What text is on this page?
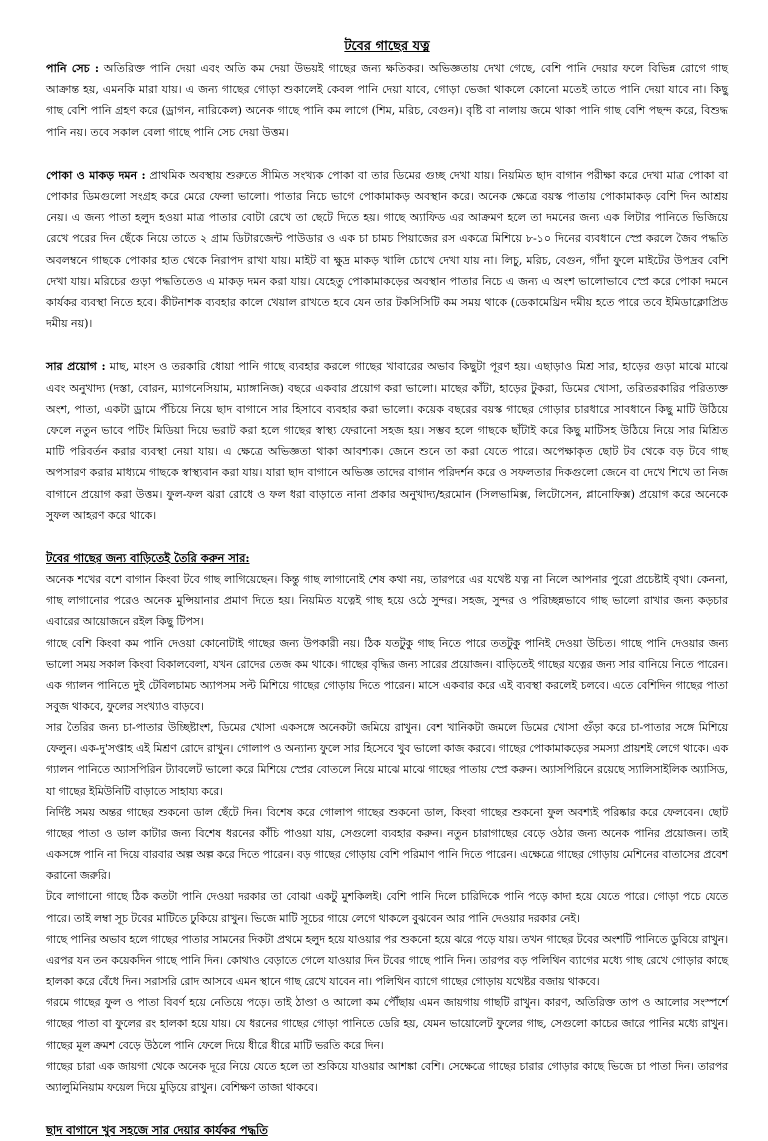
টবের গাছের যত্ন

পানি সেচ : অতিরিক্ত পানি দেয়া এবং অতি কম দেয়া উভয়ই গাছের জন্য ক্ষতিকর। অভিজ্ঞতায় দেখা গেছে, বেশি পানি দেয়ার ফলে বিভিন্ন রোগে গাছ আক্রান্ত হয়, এমনকি মারা যায়। এ জন্য গাছের গোড়া শুকালেই কেবল পানি দেয়া যাবে, গোড়া ভেজা থাকলে কোনো মতেই তাতে পানি দেয়া যাবে না। কিছু গাছ বেশি পানি গ্রহণ করে (ড্রাগন, নারিকেল) অনেক গাছে পানি কম লাগে (শিম, মরিচ, বেগুন)। বৃষ্টি বা নালায় জমে থাকা পানি গাছ বেশি পছন্দ করে, বিশুদ্ধ পানি নয়। তবে সকাল বেলা গাছে পানি সেচ দেয়া উত্তম।

পোকা ও মাকড় দমন : প্রাথমিক অবস্থায় শুরুতে সীমিত সংখ্যক পোকা বা তার ডিমের গুচ্ছ দেখা যায়। নিয়মিত ছাদ বাগান পরীক্ষা করে দেখা মাত্র পোকা বা পোকার ডিমগুলো সংগ্রহ করে মেরে ফেলা ভালো। পাতার নিচে ভাগে পোকামাকড় অবস্থান করে। অনেক ক্ষেত্রে বয়স্ক পাতায় পোকামাকড় বেশি দিন আশ্রয় নেয়। এ জন্য পাতা হলুদ হওয়া মাত্র পাতার বোটা রেখে তা ছেটে দিতে হয়। গাছে অ্যাফিড এর আক্রমণ হলে তা দমনের জন্য এক লিটার পানিতে ভিজিয়ে রেখে পরের দিন ছেঁকে নিয়ে তাতে ২ গ্রাম ডিটারজেন্ট পাউডার ও এক চা চামচ পিয়াজের রস একত্রে মিশিয়ে ৮-১০ দিনের ব্যবধানে স্প্রে করলে জৈব পদ্ধতি অবলম্বনে গাছকে পোকার হাত থেকে নিরাপদ রাখা যায়। মাইট বা ক্ষুদ্র মাকড় খালি চোখে দেখা যায় না। লিচু, মরিচ, বেগুন, গাঁদা ফুলে মাইটের উপদ্রব বেশি দেখা যায়। মরিচের গুড়া পদ্ধতিতেও এ মাকড় দমন করা যায়। যেহেতু পোকামাকড়ের অবস্থান পাতার নিচে এ জন্য এ অংশ ভালোভাবে স্প্রে করে পোকা দমনে কার্যকর ব্যবস্থা নিতে হবে। কীটনাশক ব্যবহার কালে খেয়াল রাখতে হবে যেন তার টকসিসিটি কম সময় থাকে (ডেকামেথ্রিন দমীয় হতে পারে তবে ইমিডাক্লোপ্রিড দমীয় নয়)।

সার প্রয়োগ : মাছ, মাংস ও তরকারি ধোয়া পানি গাছে ব্যবহার করলে গাছের খাবারের অভাব কিছুটা পূরণ হয়। এছাড়াও মিশ্র সার, হাড়ের গুড়া মাঝে মাঝে এবং অনুখাদ্য (দস্তা, বোরন, ম্যাগনেসিয়াম, ম্যাঙ্গানিজ) বছরে একবার প্রয়োগ করা ভালো। মাছের কাঁটা, হাড়ের টুকরা, ডিমের খোসা, তরিতরকারির পরিত্যক্ত অংশ, পাতা, একটা ড্রামে পঁচিয়ে নিয়ে ছাদ বাগানে সার হিসাবে ব্যবহার করা ভালো। কয়েক বছরের বয়স্ক গাছের গোড়ার চারধারে সাবধানে কিছু মাটি উঠিয়ে ফেলে নতুন ভাবে পটিং মিডিয়া দিয়ে ভরাট করা হলে গাছের স্বাস্থ্য ফেরানো সহজ হয়। সম্ভব হলে গাছকে ছাঁটাই করে কিছু মাটিসহ উঠিয়ে নিয়ে সার মিশ্রিত মাটি পরিবর্তন করার ব্যবস্থা নেয়া যায়। এ ক্ষেত্রে অভিজ্ঞতা থাকা আবশ্যক। জেনে শুনে তা করা যেতে পারে। অপেক্ষাকৃত ছোট টব থেকে বড় টবে গাছ অপসারণ করার মাধ্যমে গাছকে স্বাস্থ্যবান করা যায়। যারা ছাদ বাগানে অভিজ্ঞ তাদের বাগান পরিদর্শন করে ও সফলতার দিকগুলো জেনে বা দেখে শিখে তা নিজ বাগানে প্রয়োগ করা উত্তম। ফুল-ফল ঝরা রোধে ও ফল ধরা বাড়াতে নানা প্রকার অনুখাদ্য/হরমোন (সিলভামিক্স, লিটোসেন, প্লানোফিক্স) প্রয়োগ করে অনেকে সুফল আহরণ করে থাকে।

টবের গাছের জন্য বাড়িতেই তৈরি করুন সার:

অনেক শখের বশে বাগান কিংবা টবে গাছ লাগিয়েছেন। কিন্তু গাছ লাগানোই শেষ কথা নয়, তারপরে এর যথেষ্ট যত্ন না নিলে আপনার পুরো প্রচেষ্টাই বৃথা। কেননা, গাছ লাগানোর পরেও অনেক মুন্সিয়ানার প্রমাণ দিতে হয়। নিয়মিত যত্নেই গাছ হয়ে ওঠে সুন্দর। সহজ, সুন্দর ও পরিচ্ছন্নভাবে গাছ ভালো রাখার জন্য কড়চার এবারের আয়োজনে রইল কিছু টিপস।

গাছে বেশি কিংবা কম পানি দেওয়া কোনোটাই গাছের জন্য উপকারী নয়। ঠিক যতটুকু গাছ নিতে পারে ততটুকু পানিই দেওয়া উচিত। গাছে পানি দেওয়ার জন্য ভালো সময় সকাল কিংবা বিকালবেলা, যখন রোদের তেজ কম থাকে। গাছের বৃদ্ধির জন্য সারের প্রয়োজন। বাড়িতেই গাছের যত্নের জন্য সার বানিয়ে নিতে পারেন। এক গ্যালন পানিতে দুই টেবিলচামচ অ্যাপসম সল্ট মিশিয়ে গাছের গোড়ায় দিতে পারেন। মাসে একবার করে এই ব্যবস্থা করলেই চলবে। এতে বেশিদিন গাছের পাতা সবুজ থাকবে, ফুলের সংখ্যাও বাড়বে।

সার তৈরির জন্য চা-পাতার উচ্ছিষ্টাংশ, ডিমের খোসা একসঙ্গে অনেকটা জমিয়ে রাখুন। বেশ খানিকটা জমলে ডিমের খোসা গুঁড়া করে চা-পাতার সঙ্গে মিশিয়ে ফেলুন। এক-দু'সপ্তাহ এই মিশ্রণ রোদে রাখুন। গোলাপ ও অন্যান্য ফুলে সার হিসেবে খুব ভালো কাজ করবে। গাছের পোকামাকড়ের সমস্যা প্রায়শই লেগে থাকে। এক গ্যালন পানিতে অ্যাসপিরিন ট্যাবলেট ভালো করে মিশিয়ে স্প্রের বোতলে নিয়ে মাঝে মাঝে গাছের পাতায় স্প্রে করুন। অ্যাসপিরিনে রয়েছে স্যালিসাইলিক অ্যাসিড, যা গাছের ইমিউনিটি বাড়াতে সাহায্য করে।

নির্দিষ্ট সময় অন্তর গাছের শুকনো ডাল ছেঁটে দিন। বিশেষ করে গোলাপ গাছের শুকনো ডাল, কিংবা গাছের শুকনো ফুল অবশ্যই পরিষ্কার করে ফেলবেন। ছোট গাছের পাতা ও ডাল কাটার জন্য বিশেষ ধরনের কাঁচি পাওয়া যায়, সেগুলো ব্যবহার করুন। নতুন চারাগাছের বেড়ে ওঠার জন্য অনেক পানির প্রয়োজন। তাই একসঙ্গে পানি না দিয়ে বারবার অল্প অল্প করে দিতে পারেন। বড় গাছের গোড়ায় বেশি পরিমাণ পানি দিতে পারেন। এক্ষেত্রে গাছের গোড়ায় মেশিনের বাতাসের প্রবেশ করানো জরুরি।

টবে লাগানো গাছে ঠিক কতটা পানি দেওয়া দরকার তা বোঝা একটু মুশকিলই। বেশি পানি দিলে চারিদিকে পানি পড়ে কাদা হয়ে যেতে পারে। গোড়া পচে যেতে পারে। তাই লম্বা সূচ টবের মাটিতে ঢুকিয়ে রাখুন। ভিজে মাটি সূচের গায়ে লেগে থাকলে বুঝবেন আর পানি দেওয়ার দরকার নেই।

গাছে পানির অভাব হলে গাছের পাতার সামনের দিকটা প্রথমে হলুদ হয়ে যাওয়ার পর শুকনো হয়ে ঝরে পড়ে যায়। তখন গাছের টবের অংশটি পানিতে ডুবিয়ে রাখুন। এরপর যন তন কয়েকদিন গাছে পানি দিন। কোথাও বেড়াতে গেলে যাওয়ার দিন টবের গাছে পানি দিন। তারপর বড় পলিথিন ব্যাগের মধ্যে গাছ রেখে গোড়ার কাছে হালকা করে বেঁধে দিন। সরাসরি রোদ আসবে এমন স্থানে গাছ রেখে যাবেন না। পলিথিন ব্যাগে গাছের গোড়ায় যথেষ্টর বজায় থাকবে।

গরমে গাছের ফুল ও পাতা বিবর্ণ হয়ে নেতিয়ে পড়ে। তাই ঠাণ্ডা ও আলো কম পৌঁছায় এমন জায়গায় গাছটি রাখুন। কারণ, অতিরিক্ত তাপ ও আলোর সংস্পর্শে গাছের পাতা বা ফুলের রং হালকা হয়ে যায়। যে ধরনের গাছের গোড়া পানিতে ডেরি হয়, যেমন ভায়োলেট ফুলের গাছ, সেগুলো কাচের জারে পানির মধ্যে রাখুন। গাছের মূল ক্রমশ বেড়ে উঠলে পানি ফেলে দিয়ে ধীরে ধীরে মাটি ভরতি করে দিন।

গাছের চারা এক জায়গা থেকে অনেক দূরে নিয়ে যেতে হলে তা শুকিয়ে যাওয়ার আশঙ্কা বেশি। সেক্ষেত্রে গাছের চারার গোড়ার কাছে ভিজে চা পাতা দিন। তারপর অ্যালুমিনিয়াম ফয়েল দিয়ে মুড়িয়ে রাখুন। বেশিক্ষণ তাজা থাকবে।

ছাদ বাগানে খুব সহজে সার দেয়ার কার্যকর পদ্ধতি
